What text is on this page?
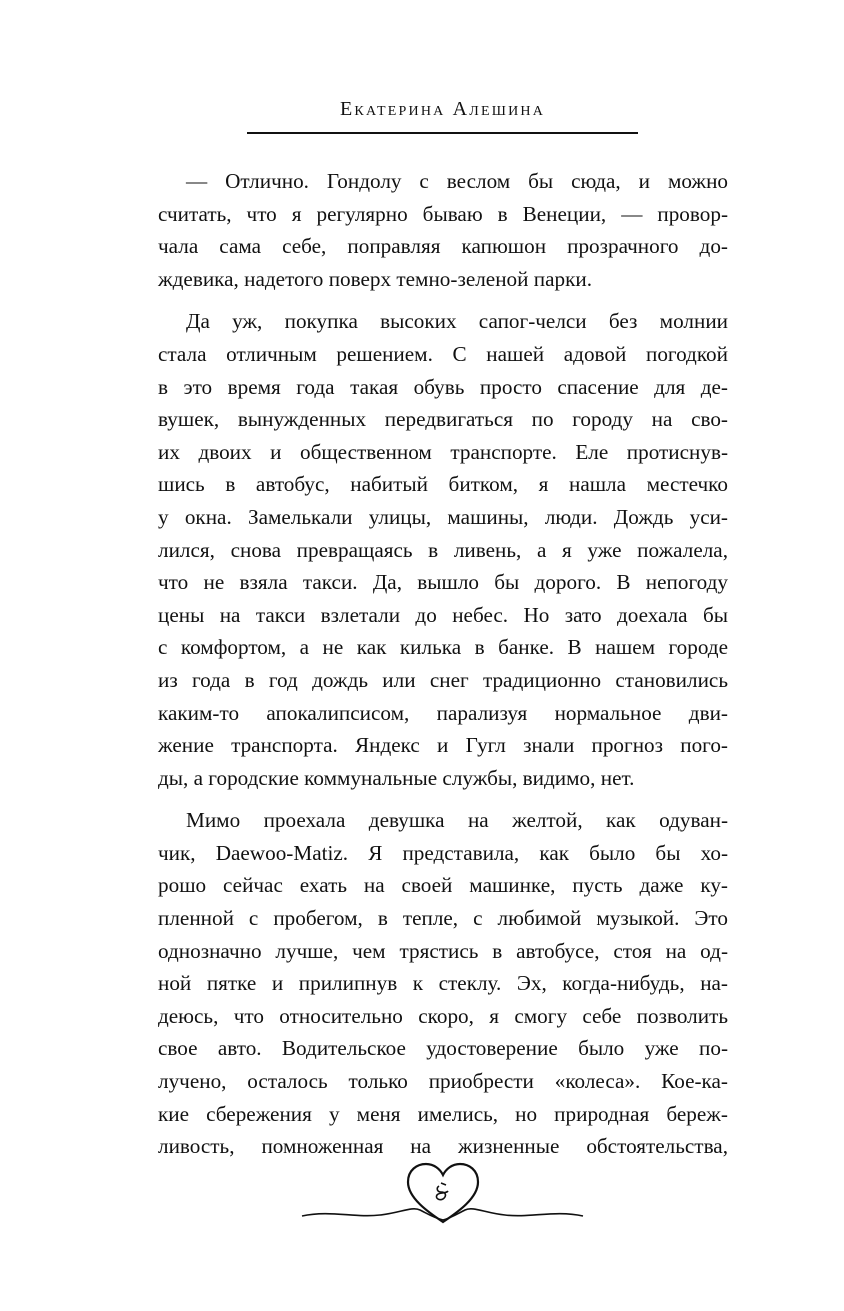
Екатерина Алешина
— Отлично. Гондолу с веслом бы сюда, и можно
считать, что я регулярно бываю в Венеции, — провор-
чала сама себе, поправляя капюшон прозрачного до-
ждевика, надетого поверх темно-зеленой парки.
Да уж, покупка высоких сапог-челси без молнии
стала отличным решением. С нашей адовой погодкой
в это время года такая обувь просто спасение для де-
вушек, вынужденных передвигаться по городу на сво-
их двоих и общественном транспорте. Еле протиснув-
шись в автобус, набитый битком, я нашла местечко
у окна. Замелькали улицы, машины, люди. Дождь уси-
лился, снова превращаясь в ливень, а я уже пожалела,
что не взяла такси. Да, вышло бы дорого. В непогоду
цены на такси взлетали до небес. Но зато доехала бы
с комфортом, а не как килька в банке. В нашем городе
из года в год дождь или снег традиционно становились
каким-то апокалипсисом, парализуя нормальное дви-
жение транспорта. Яндекс и Гугл знали прогноз пого-
ды, а городские коммунальные службы, видимо, нет.
Мимо проехала девушка на желтой, как одуван-
чик, Daewoo-Matiz. Я представила, как было бы хо-
рошо сейчас ехать на своей машинке, пусть даже ку-
пленной с пробегом, в тепле, с любимой музыкой. Это
однозначно лучше, чем трястись в автобусе, стоя на од-
ной пятке и прилипнув к стеклу. Эх, когда-нибудь, на-
деюсь, что относительно скоро, я смогу себе позволить
свое авто. Водительское удостоверение было уже по-
лучено, осталось только приобрести «колеса». Кое-ка-
кие сбережения у меня имелись, но природная береж-
ливость, помноженная на жизненные обстоятельства,
